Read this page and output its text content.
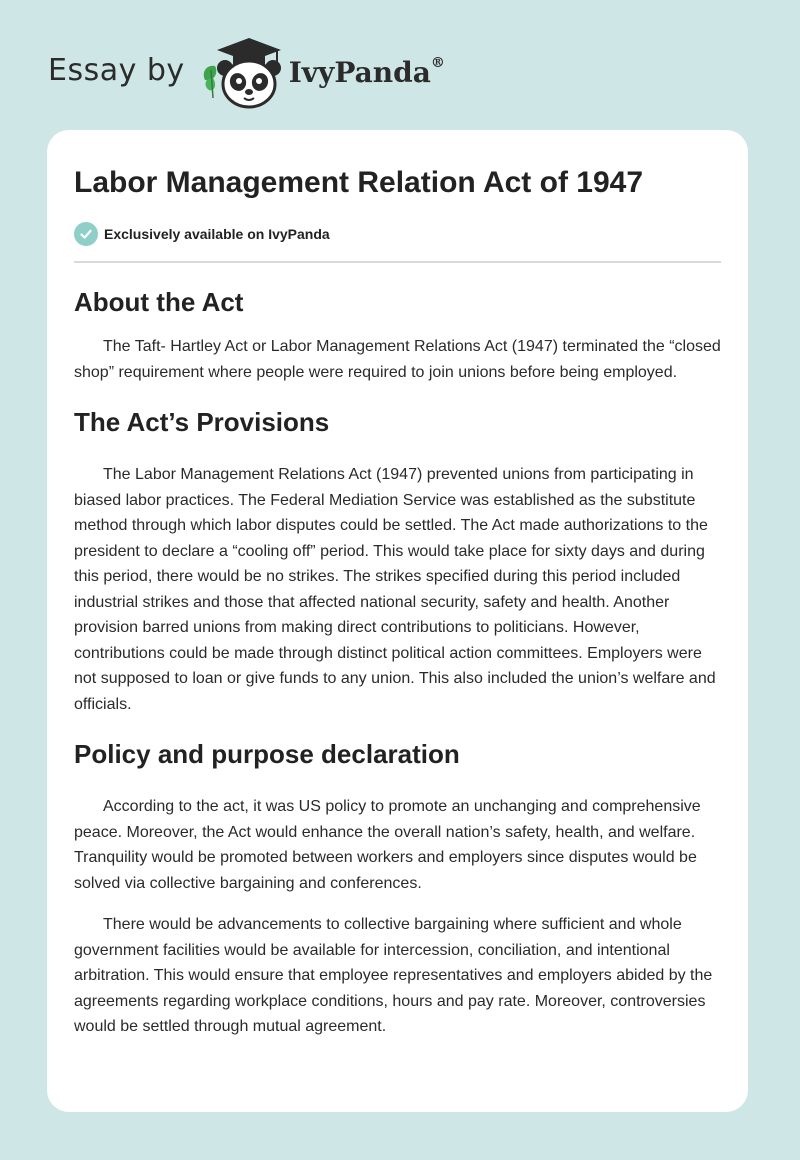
Essay by	IvyPanda®
Labor Management Relation Act of 1947
Exclusively available on IvyPanda
About the Act

The Taft- Hartley Act or Labor Management Relations Act (1947) terminated the “closed shop” requirement where people were required to join unions before being employed.

The Act’s Provisions

The Labor Management Relations Act (1947) prevented unions from participating in biased labor practices. The Federal Mediation Service was established as the substitute method through which labor disputes could be settled. The Act made authorizations to the president to declare a “cooling off” period. This would take place for sixty days and during this period, there would be no strikes. The strikes specified during this period included industrial strikes and those that affected national security, safety and health. Another provision barred unions from making direct contributions to politicians. However, contributions could be made through distinct political action committees. Employers were not supposed to loan or give funds to any union. This also included the union’s welfare and officials.

Policy and purpose declaration

According to the act, it was US policy to promote an unchanging and comprehensive peace. Moreover, the Act would enhance the overall nation’s safety, health, and welfare. Tranquility would be promoted between workers and employers since disputes would be solved via collective bargaining and conferences.

There would be advancements to collective bargaining where sufficient and whole government facilities would be available for intercession, conciliation, and intentional arbitration. This would ensure that employee representatives and employers abided by the agreements regarding workplace conditions, hours and pay rate. Moreover, controversies would be settled through mutual agreement.
